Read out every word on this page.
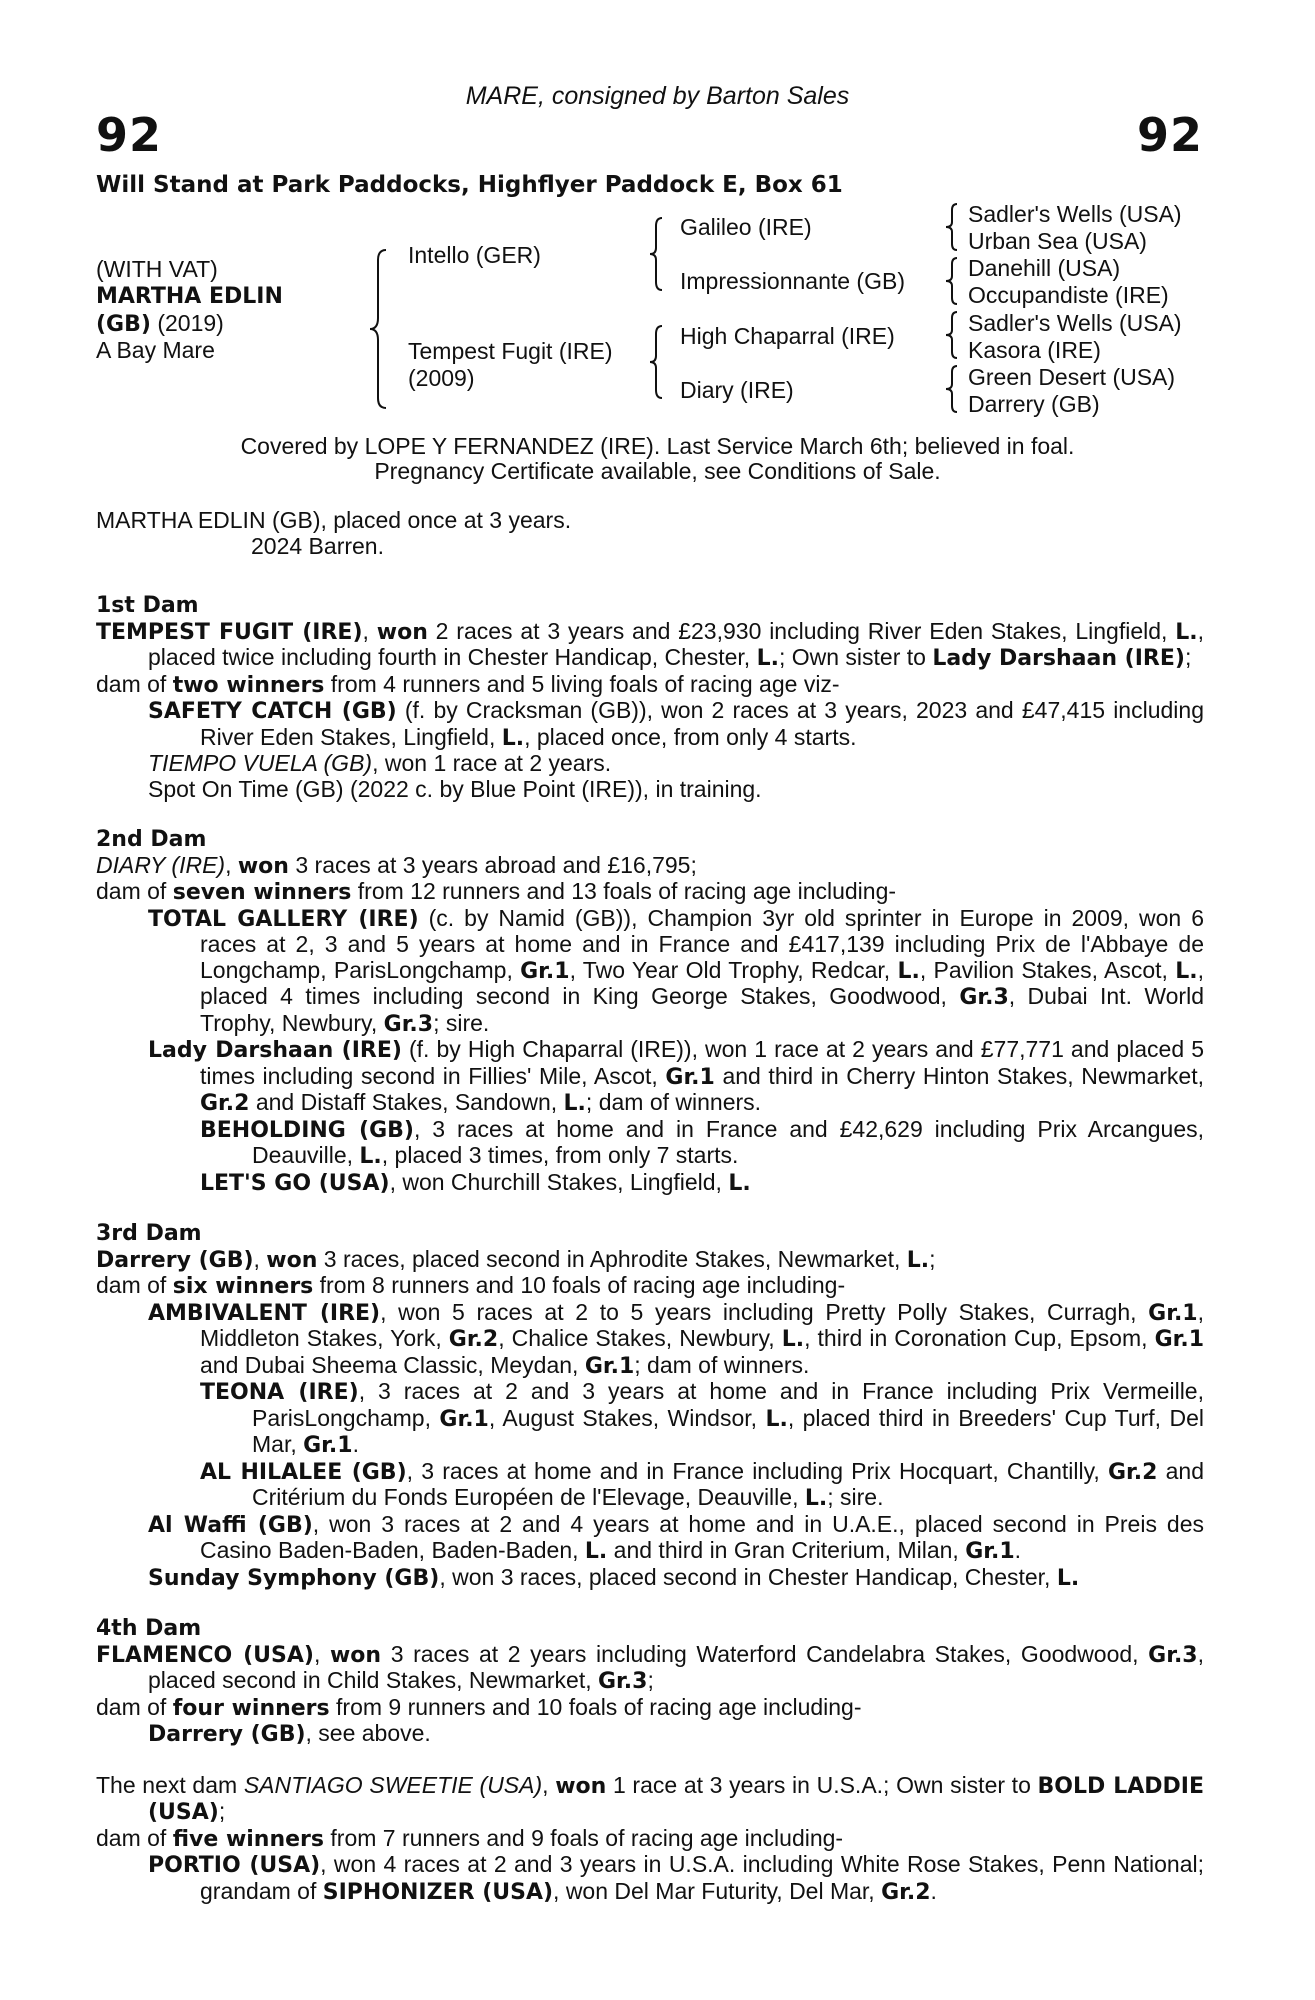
MARE, consigned by Barton Sales
92	92
Will Stand at Park Paddocks, Highflyer Paddock E, Box 61
(WITH VAT)
MARTHA EDLIN
(GB) (2019)
A Bay Mare
Intello (GER)
Tempest Fugit (IRE)
(2009)
Galileo (IRE)
Impressionnante (GB)
High Chaparral (IRE)
Diary (IRE)
Sadler's Wells (USA)
Urban Sea (USA)
Danehill (USA)
Occupandiste (IRE)
Sadler's Wells (USA)
Kasora (IRE)
Green Desert (USA)
Darrery (GB)
Covered by LOPE Y FERNANDEZ (IRE). Last Service March 6th; believed in foal.
Pregnancy Certificate available, see Conditions of Sale.
MARTHA EDLIN (GB), placed once at 3 years.
2024 Barren.
1st Dam
TEMPEST FUGIT (IRE), won 2 races at 3 years and £23,930 including River Eden Stakes, Lingfield, L., placed twice including fourth in Chester Handicap, Chester, L.; Own sister to Lady Darshaan (IRE);
dam of two winners from 4 runners and 5 living foals of racing age viz-
SAFETY CATCH (GB) (f. by Cracksman (GB)), won 2 races at 3 years, 2023 and £47,415 including River Eden Stakes, Lingfield, L., placed once, from only 4 starts.
TIEMPO VUELA (GB), won 1 race at 2 years.
Spot On Time (GB) (2022 c. by Blue Point (IRE)), in training.
2nd Dam
DIARY (IRE), won 3 races at 3 years abroad and £16,795;
dam of seven winners from 12 runners and 13 foals of racing age including-
TOTAL GALLERY (IRE) (c. by Namid (GB)), Champion 3yr old sprinter in Europe in 2009, won 6 races at 2, 3 and 5 years at home and in France and £417,139 including Prix de l'Abbaye de Longchamp, ParisLongchamp, Gr.1, Two Year Old Trophy, Redcar, L., Pavilion Stakes, Ascot, L., placed 4 times including second in King George Stakes, Goodwood, Gr.3, Dubai Int. World Trophy, Newbury, Gr.3; sire.
Lady Darshaan (IRE) (f. by High Chaparral (IRE)), won 1 race at 2 years and £77,771 and placed 5 times including second in Fillies' Mile, Ascot, Gr.1 and third in Cherry Hinton Stakes, Newmarket, Gr.2 and Distaff Stakes, Sandown, L.; dam of winners.
BEHOLDING (GB), 3 races at home and in France and £42,629 including Prix Arcangues, Deauville, L., placed 3 times, from only 7 starts.
LET'S GO (USA), won Churchill Stakes, Lingfield, L.
3rd Dam
Darrery (GB), won 3 races, placed second in Aphrodite Stakes, Newmarket, L.;
dam of six winners from 8 runners and 10 foals of racing age including-
AMBIVALENT (IRE), won 5 races at 2 to 5 years including Pretty Polly Stakes, Curragh, Gr.1, Middleton Stakes, York, Gr.2, Chalice Stakes, Newbury, L., third in Coronation Cup, Epsom, Gr.1 and Dubai Sheema Classic, Meydan, Gr.1; dam of winners.
TEONA (IRE), 3 races at 2 and 3 years at home and in France including Prix Vermeille, ParisLongchamp, Gr.1, August Stakes, Windsor, L., placed third in Breeders' Cup Turf, Del Mar, Gr.1.
AL HILALEE (GB), 3 races at home and in France including Prix Hocquart, Chantilly, Gr.2 and Critérium du Fonds Européen de l'Elevage, Deauville, L.; sire.
Al Waffi (GB), won 3 races at 2 and 4 years at home and in U.A.E., placed second in Preis des Casino Baden-Baden, Baden-Baden, L. and third in Gran Criterium, Milan, Gr.1.
Sunday Symphony (GB), won 3 races, placed second in Chester Handicap, Chester, L.
4th Dam
FLAMENCO (USA), won 3 races at 2 years including Waterford Candelabra Stakes, Goodwood, Gr.3, placed second in Child Stakes, Newmarket, Gr.3;
dam of four winners from 9 runners and 10 foals of racing age including-
Darrery (GB), see above.
The next dam SANTIAGO SWEETIE (USA), won 1 race at 3 years in U.S.A.; Own sister to BOLD LADDIE (USA);
dam of five winners from 7 runners and 9 foals of racing age including-
PORTIO (USA), won 4 races at 2 and 3 years in U.S.A. including White Rose Stakes, Penn National; grandam of SIPHONIZER (USA), won Del Mar Futurity, Del Mar, Gr.2.
